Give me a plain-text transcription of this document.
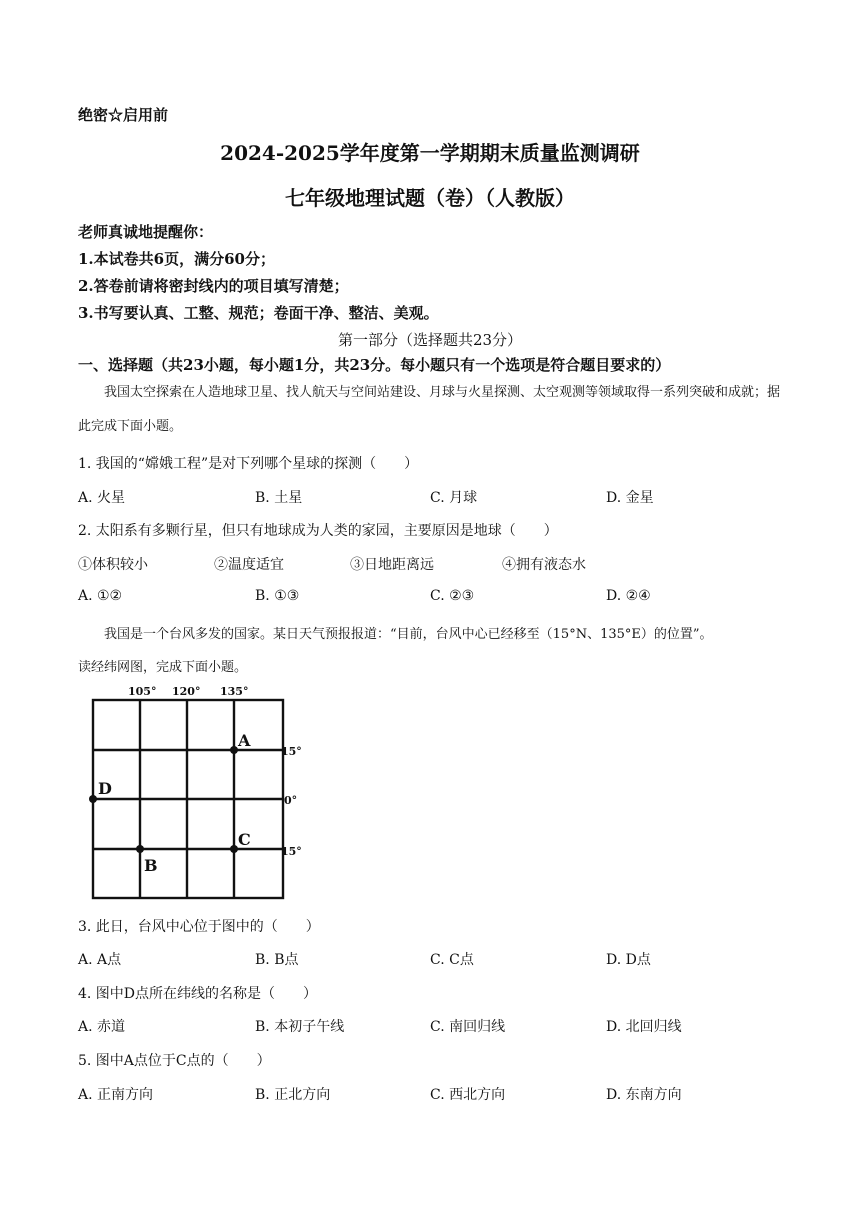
绝密☆启用前
2024-2025学年度第一学期期末质量监测调研
七年级地理试题（卷）（人教版）
老师真诚地提醒你：
1.本试卷共6页，满分60分；
2.答卷前请将密封线内的项目填写清楚；
3.书写要认真、工整、规范；卷面干净、整洁、美观。
第一部分（选择题共23分）
一、选择题（共23小题，每小题1分，共23分。每小题只有一个选项是符合题目要求的）
我国太空探索在人造地球卫星、找人航天与空间站建设、月球与火星探测、太空观测等领域取得一系列突破和成就；据此完成下面小题。
1. 我国的“嫦娥工程”是对下列哪个星球的探测（　　）
A. 火星	B. 土星	C. 月球	D. 金星
2. 太阳系有多颗行星，但只有地球成为人类的家园，主要原因是地球（　　）
①体积较小	②温度适宜	③日地距离远	④拥有液态水
A. ①②	B. ①③	C. ②③	D. ②④
我国是一个台风多发的国家。某日天气预报报道：“目前，台风中心已经移至（15°N、135°E）的位置”。
读经纬网图，完成下面小题。
105° 120° 135°
15°
0°
15°
A
B
C
D
3. 此日，台风中心位于图中的（　　）
A. A点	B. B点	C. C点	D. D点
4. 图中D点所在纬线的名称是（　　）
A. 赤道	B. 本初子午线	C. 南回归线	D. 北回归线
5. 图中A点位于C点的（　　）
A. 正南方向	B. 正北方向	C. 西北方向	D. 东南方向
